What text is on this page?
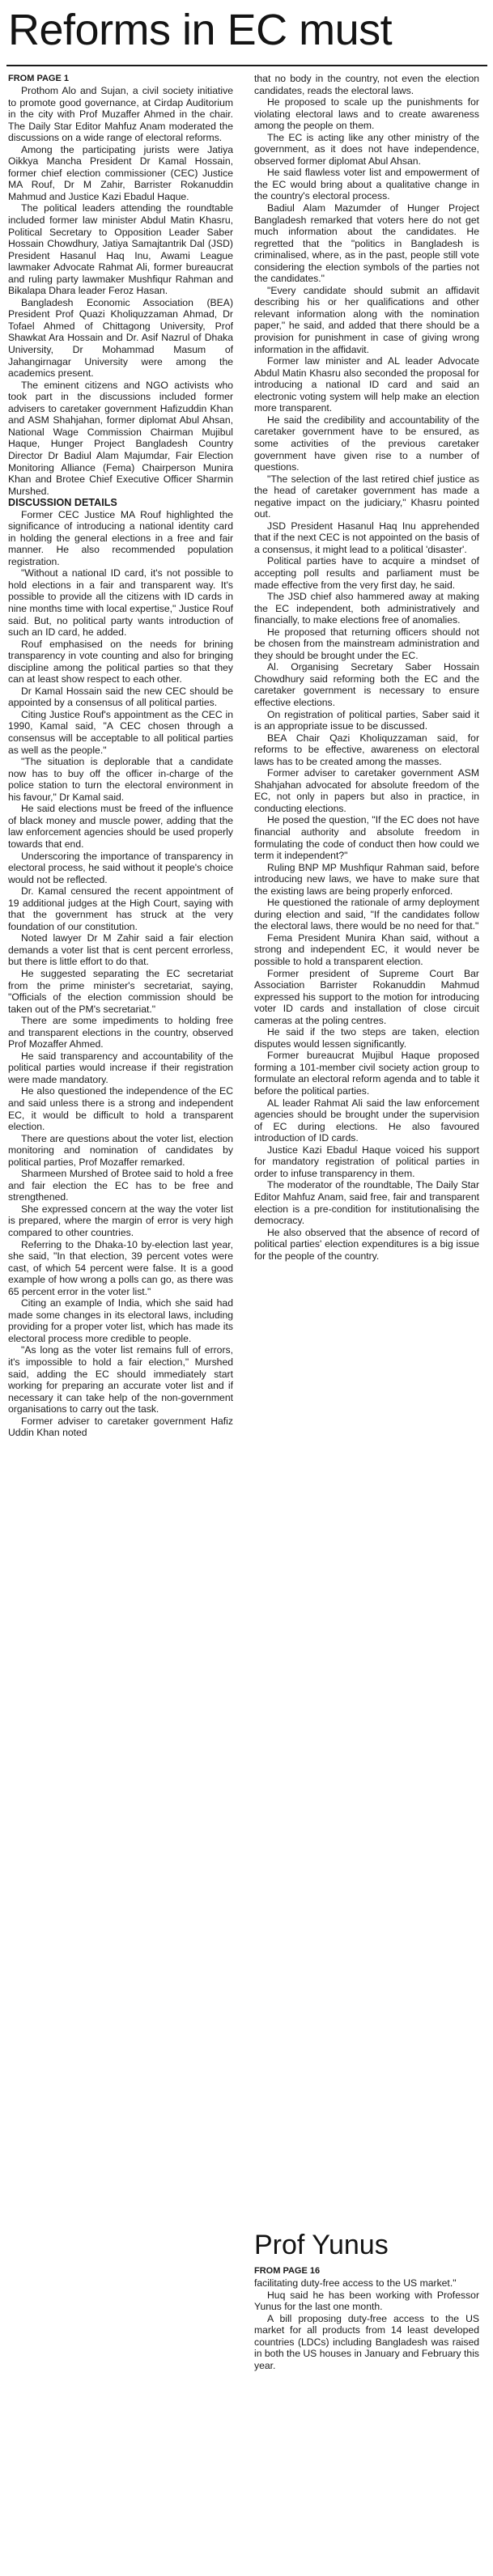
Reforms in EC must

FROM PAGE 1

Prothom Alo and Sujan, a civil society initiative to promote good governance, at Cirdap Auditorium in the city with Prof Muzaffer Ahmed in the chair. The Daily Star Editor Mahfuz Anam moderated the discussions on a wide range of electoral reforms.

Among the participating jurists were Jatiya Oikkya Mancha President Dr Kamal Hossain, former chief election commissioner (CEC) Justice MA Rouf, Dr M Zahir, Barrister Rokanuddin Mahmud and Justice Kazi Ebadul Haque.

The political leaders attending the roundtable included former law minister Abdul Matin Khasru, Political Secretary to Opposition Leader Saber Hossain Chowdhury, Jatiya Samajtantrik Dal (JSD) President Hasanul Haq Inu, Awami League lawmaker Advocate Rahmat Ali, former bureaucrat and ruling party lawmaker Mushfiqur Rahman and Bikalapa Dhara leader Feroz Hasan.

Bangladesh Economic Association (BEA) President Prof Quazi Kholiquzzaman Ahmad, Dr Tofael Ahmed of Chittagong University, Prof Shawkat Ara Hossain and Dr. Asif Nazrul of Dhaka University, Dr Mohammad Masum of Jahangirnagar University were among the academics present.

The eminent citizens and NGO activists who took part in the discussions included former advisers to caretaker government Hafizuddin Khan and ASM Shahjahan, former diplomat Abul Ahsan, National Wage Commission Chairman Mujibul Haque, Hunger Project Bangladesh Country Director Dr Badiul Alam Majumdar, Fair Election Monitoring Alliance (Fema) Chairperson Munira Khan and Brotee Chief Executive Officer Sharmin Murshed.

DISCUSSION DETAILS

Former CEC Justice MA Rouf highlighted the significance of introducing a national identity card in holding the general elections in a free and fair manner. He also recommended population registration.

"Without a national ID card, it's not possible to hold elections in a fair and transparent way. It's possible to provide all the citizens with ID cards in nine months time with local expertise," Justice Rouf said. But, no political party wants introduction of such an ID card, he added.

Rouf emphasised on the needs for brining transparency in vote counting and also for bringing discipline among the political parties so that they can at least show respect to each other.

Dr Kamal Hossain said the new CEC should be appointed by a consensus of all political parties.

Citing Justice Rouf's appointment as the CEC in 1990, Kamal said, "A CEC chosen through a consensus will be acceptable to all political parties as well as the people."

"The situation is deplorable that a candidate now has to buy off the officer in-charge of the police station to turn the electoral environment in his favour," Dr Kamal said.

He said elections must be freed of the influence of black money and muscle power, adding that the law enforcement agencies should be used properly towards that end.

Underscoring the importance of transparency in electoral process, he said without it people's choice would not be reflected.

Dr. Kamal censured the recent appointment of 19 additional judges at the High Court, saying with that the government has struck at the very foundation of our constitution.

Noted lawyer Dr M Zahir said a fair election demands a voter list that is cent percent errorless, but there is little effort to do that.

He suggested separating the EC secretariat from the prime minister's secretariat, saying, "Officials of the election commission should be taken out of the PM's secretariat."

There are some impediments to holding free and transparent elections in the country, observed Prof Mozaffer Ahmed.

He said transparency and accountability of the political parties would increase if their registration were made mandatory.

He also questioned the independence of the EC and said unless there is a strong and independent EC, it would be difficult to hold a transparent election.

There are questions about the voter list, election monitoring and nomination of candidates by political parties, Prof Mozaffer remarked.

Sharmeen Murshed of Brotee said to hold a free and fair election the EC has to be free and strengthened.

She expressed concern at the way the voter list is prepared, where the margin of error is very high compared to other countries.

Referring to the Dhaka-10 by-election last year, she said, "In that election, 39 percent votes were cast, of which 54 percent were false. It is a good example of how wrong a polls can go, as there was 65 percent error in the voter list."

Citing an example of India, which she said had made some changes in its electoral laws, including providing for a proper voter list, which has made its electoral process more credible to people.

"As long as the voter list remains full of errors, it's impossible to hold a fair election," Murshed said, adding the EC should immediately start working for preparing an accurate voter list and if necessary it can take help of the non-government organisations to carry out the task.

Former adviser to caretaker government Hafiz Uddin Khan noted

that no body in the country, not even the election candidates, reads the electoral laws.

He proposed to scale up the punishments for violating electoral laws and to create awareness among the people on them.

The EC is acting like any other ministry of the government, as it does not have independence, observed former diplomat Abul Ahsan.

He said flawless voter list and empowerment of the EC would bring about a qualitative change in the country's electoral process.

Badiul Alam Mazumder of Hunger Project Bangladesh remarked that voters here do not get much information about the candidates. He regretted that the "politics in Bangladesh is criminalised, where, as in the past, people still vote considering the election symbols of the parties not the candidates."

"Every candidate should submit an affidavit describing his or her qualifications and other relevant information along with the nomination paper," he said, and added that there should be a provision for punishment in case of giving wrong information in the affidavit.

Former law minister and AL leader Advocate Abdul Matin Khasru also seconded the proposal for introducing a national ID card and said an electronic voting system will help make an election more transparent.

He said the credibility and accountability of the caretaker government have to be ensured, as some activities of the previous caretaker government have given rise to a number of questions.

"The selection of the last retired chief justice as the head of caretaker government has made a negative impact on the judiciary," Khasru pointed out.

JSD President Hasanul Haq Inu apprehended that if the next CEC is not appointed on the basis of a consensus, it might lead to a political 'disaster'.

Political parties have to acquire a mindset of accepting poll results and parliament must be made effective from the very first day, he said.

The JSD chief also hammered away at making the EC independent, both administratively and financially, to make elections free of anomalies.

He proposed that returning officers should not be chosen from the mainstream administration and they should be brought under the EC.

Al. Organising Secretary Saber Hossain Chowdhury said reforming both the EC and the caretaker government is necessary to ensure effective elections.

On registration of political parties, Saber said it is an appropriate issue to be discussed.

BEA Chair Qazi Kholiquzzaman said, for reforms to be effective, awareness on electoral laws has to be created among the masses.

Former adviser to caretaker government ASM Shahjahan advocated for absolute freedom of the EC, not only in papers but also in practice, in conducting elections.

He posed the question, "If the EC does not have financial authority and absolute freedom in formulating the code of conduct then how could we term it independent?"

Ruling BNP MP Mushfiqur Rahman said, before introducing new laws, we have to make sure that the existing laws are being properly enforced.

He questioned the rationale of army deployment during election and said, "If the candidates follow the electoral laws, there would be no need for that."

Fema President Munira Khan said, without a strong and independent EC, it would never be possible to hold a transparent election.

Former president of Supreme Court Bar Association Barrister Rokanuddin Mahmud expressed his support to the motion for introducing voter ID cards and installation of close circuit cameras at the poling centres.

He said if the two steps are taken, election disputes would lessen significantly.

Former bureaucrat Mujibul Haque proposed forming a 101-member civil society action group to formulate an electoral reform agenda and to table it before the political parties.

AL leader Rahmat Ali said the law enforcement agencies should be brought under the supervision of EC during elections. He also favoured introduction of ID cards.

Justice Kazi Ebadul Haque voiced his support for mandatory registration of political parties in order to infuse transparency in them.

The moderator of the roundtable, The Daily Star Editor Mahfuz Anam, said free, fair and transparent election is a pre-condition for institutionalising the democracy.

He also observed that the absence of record of political parties' election expenditures is a big issue for the people of the country.

Prof Yunus

FROM PAGE 16

facilitating duty-free access to the US market."

Huq said he has been working with Professor Yunus for the last one month.

A bill proposing duty-free access to the US market for all products from 14 least developed countries (LDCs) including Bangladesh was raised in both the US houses in January and February this year.
